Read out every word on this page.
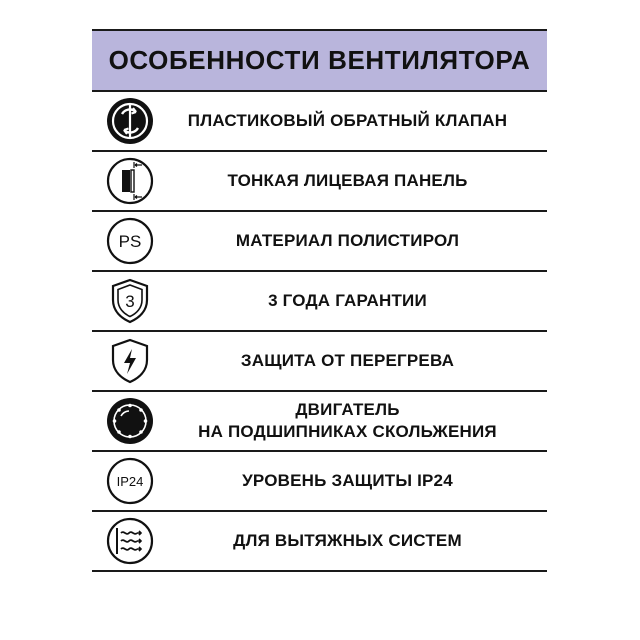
ОСОБЕННОСТИ ВЕНТИЛЯТОРА
ПЛАСТИКОВЫЙ ОБРАТНЫЙ КЛАПАН
ТОНКАЯ ЛИЦЕВАЯ ПАНЕЛЬ
PS	МАТЕРИАЛ ПОЛИСТИРОЛ
3	3 ГОДА ГАРАНТИИ
ЗАЩИТА ОТ ПЕРЕГРЕВА
ДВИГАТЕЛЬ
НА ПОДШИПНИКАХ СКОЛЬЖЕНИЯ
IP24	УРОВЕНЬ ЗАЩИТЫ IP24
ДЛЯ ВЫТЯЖНЫХ СИСТЕМ
